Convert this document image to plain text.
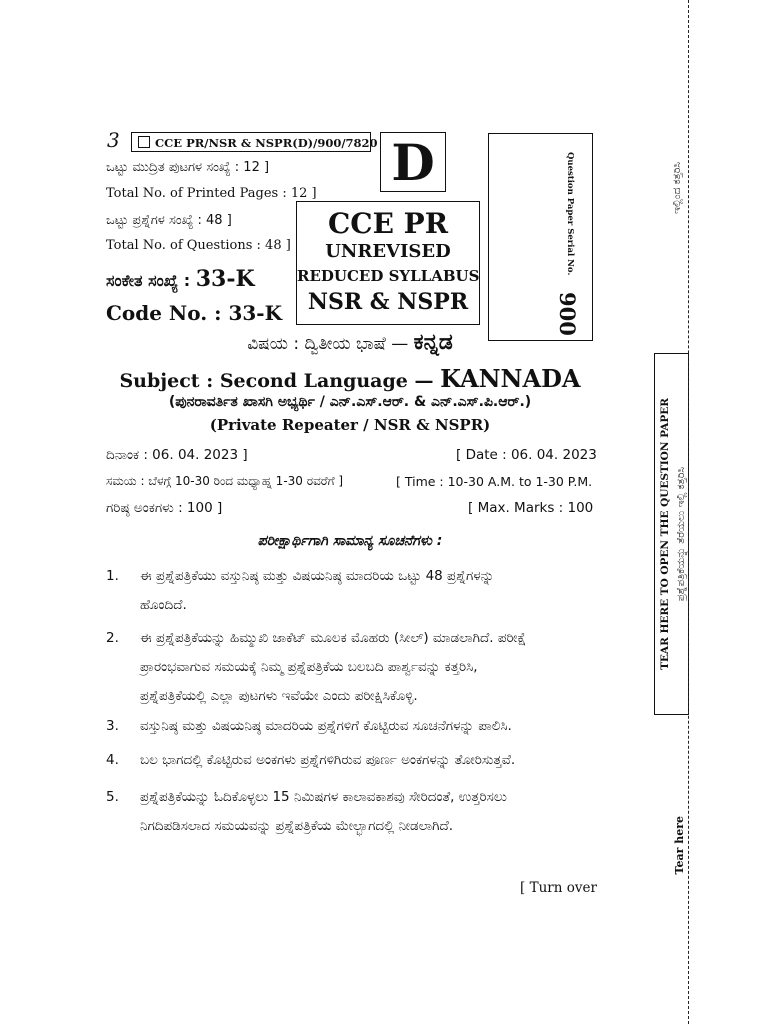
3	CCE PR/NSR & NSPR(D)/900/7820 D	Question Paper Serial No.
900
ಒಟ್ಟು ಮುದ್ರಿತ ಪುಟಗಳ ಸಂಖ್ಯೆ : 12 ]
Total No. of Printed Pages : 12 ]
ಒಟ್ಟು ಪ್ರಶ್ನೆಗಳ ಸಂಖ್ಯೆ : 48 ]
Total No. of Questions : 48 ]
ಸಂಕೇತ ಸಂಖ್ಯೆ : 33-K
Code No. : 33-K
CCE PR
UNREVISED
REDUCED SYLLABUS
NSR & NSPR
ವಿಷಯ : ದ್ವಿತೀಯ ಭಾಷೆ — ಕನ್ನಡ
Subject : Second Language — KANNADA
(ಪುನರಾವರ್ತಿತ ಖಾಸಗಿ ಅಭ್ಯರ್ಥಿ / ಎನ್.ಎಸ್.ಆರ್. & ಎನ್.ಎಸ್.ಪಿ.ಆರ್.)
(Private Repeater / NSR & NSPR)
ದಿನಾಂಕ : 06. 04. 2023 ]	[ Date : 06. 04. 2023
ಸಮಯ : ಬೆಳಗ್ಗೆ 10-30 ರಿಂದ ಮಧ್ಯಾಹ್ನ 1-30 ರವರೆಗೆ ]	[ Time : 10-30 A.M. to 1-30 P.M.
ಗರಿಷ್ಠ ಅಂಕಗಳು : 100 ]	[ Max. Marks : 100
ಪರೀಕ್ಷಾರ್ಥಿಗಾಗಿ ಸಾಮಾನ್ಯ ಸೂಚನೆಗಳು :
1. ಈ ಪ್ರಶ್ನೆಪತ್ರಿಕೆಯು ವಸ್ತುನಿಷ್ಠ ಮತ್ತು ವಿಷಯನಿಷ್ಠ ಮಾದರಿಯ ಒಟ್ಟು 48 ಪ್ರಶ್ನೆಗಳನ್ನು
ಹೊಂದಿದೆ.
2. ಈ ಪ್ರಶ್ನೆಪತ್ರಿಕೆಯನ್ನು ಹಿಮ್ಮುಖಿ ಜಾಕೆಟ್ ಮೂಲಕ ಮೊಹರು (ಸೀಲ್) ಮಾಡಲಾಗಿದೆ. ಪರೀಕ್ಷೆ
ಪ್ರಾರಂಭವಾಗುವ ಸಮಯಕ್ಕೆ ನಿಮ್ಮ ಪ್ರಶ್ನೆಪತ್ರಿಕೆಯ ಬಲಬದಿ ಪಾರ್ಶ್ವವನ್ನು ಕತ್ತರಿಸಿ,
ಪ್ರಶ್ನೆಪತ್ರಿಕೆಯಲ್ಲಿ ಎಲ್ಲಾ ಪುಟಗಳು ಇವೆಯೇ ಎಂದು ಪರೀಕ್ಷಿಸಿಕೊಳ್ಳಿ.
3. ವಸ್ತುನಿಷ್ಠ ಮತ್ತು ವಿಷಯನಿಷ್ಠ ಮಾದರಿಯ ಪ್ರಶ್ನೆಗಳಿಗೆ ಕೊಟ್ಟಿರುವ ಸೂಚನೆಗಳನ್ನು ಪಾಲಿಸಿ.
4. ಬಲ ಭಾಗದಲ್ಲಿ ಕೊಟ್ಟಿರುವ ಅಂಕಗಳು ಪ್ರಶ್ನೆಗಳಿಗಿರುವ ಪೂರ್ಣ ಅಂಕಗಳನ್ನು ತೋರಿಸುತ್ತವೆ.
5. ಪ್ರಶ್ನೆಪತ್ರಿಕೆಯನ್ನು ಓದಿಕೊಳ್ಳಲು 15 ನಿಮಿಷಗಳ ಕಾಲಾವಕಾಶವು ಸೇರಿದಂತೆ, ಉತ್ತರಿಸಲು
ನಿಗದಿಪಡಿಸಲಾದ ಸಮಯವನ್ನು ಪ್ರಶ್ನೆಪತ್ರಿಕೆಯ ಮೇಲ್ಭಾಗದಲ್ಲಿ ನೀಡಲಾಗಿದೆ.
[ Turn over
ಇಲ್ಲಿಂದ ಕತ್ತರಿಸಿ
TEAR HERE TO OPEN THE QUESTION PAPER ಪ್ರಶ್ನೆಪತ್ರಿಕೆಯನ್ನು ತೆರೆಯಲು ಇಲ್ಲಿ ಕತ್ತರಿಸಿ
Tear here
